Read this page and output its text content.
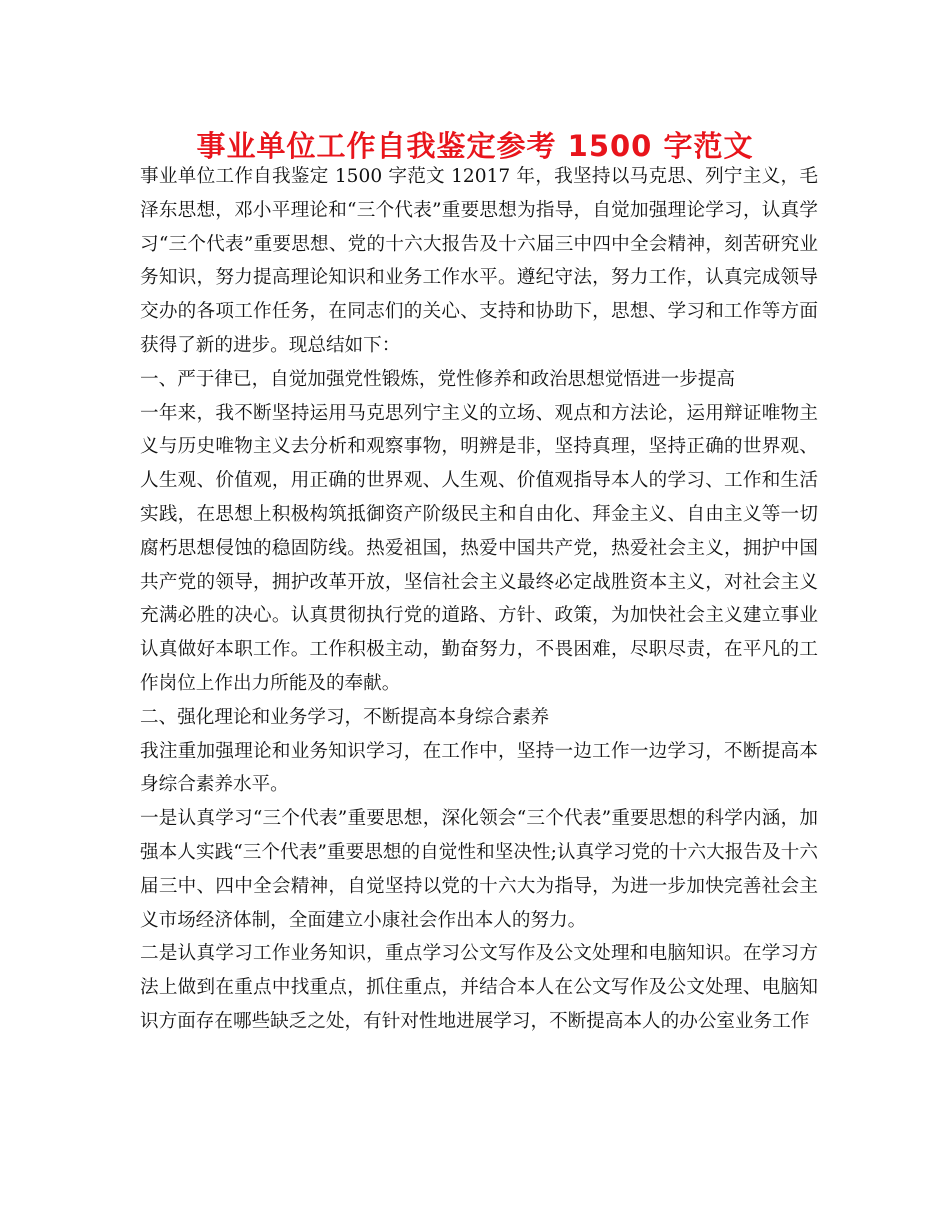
事业单位工作自我鉴定参考 1500 字范文

事业单位工作自我鉴定 1500 字范文 12017 年，我坚持以马克思、列宁主义，毛泽东思想，邓小平理论和“三个代表”重要思想为指导，自觉加强理论学习，认真学习“三个代表”重要思想、党的十六大报告及十六届三中四中全会精神，刻苦研究业务知识，努力提高理论知识和业务工作水平。遵纪守法，努力工作，认真完成领导交办的各项工作任务，在同志们的关心、支持和协助下，思想、学习和工作等方面获得了新的进步。现总结如下：

一、严于律已，自觉加强党性锻炼，党性修养和政治思想觉悟进一步提高

一年来，我不断坚持运用马克思列宁主义的立场、观点和方法论，运用辩证唯物主义与历史唯物主义去分析和观察事物，明辨是非，坚持真理，坚持正确的世界观、人生观、价值观，用正确的世界观、人生观、价值观指导本人的学习、工作和生活实践，在思想上积极构筑抵御资产阶级民主和自由化、拜金主义、自由主义等一切腐朽思想侵蚀的稳固防线。热爱祖国，热爱中国共产党，热爱社会主义，拥护中国共产党的领导，拥护改革开放，坚信社会主义最终必定战胜资本主义，对社会主义充满必胜的决心。认真贯彻执行党的道路、方针、政策，为加快社会主义建立事业认真做好本职工作。工作积极主动，勤奋努力，不畏困难，尽职尽责，在平凡的工作岗位上作出力所能及的奉献。

二、强化理论和业务学习，不断提高本身综合素养

我注重加强理论和业务知识学习，在工作中，坚持一边工作一边学习，不断提高本身综合素养水平。

一是认真学习“三个代表”重要思想，深化领会“三个代表”重要思想的科学内涵，加强本人实践“三个代表”重要思想的自觉性和坚决性;认真学习党的十六大报告及十六届三中、四中全会精神，自觉坚持以党的十六大为指导，为进一步加快完善社会主义市场经济体制，全面建立小康社会作出本人的努力。

二是认真学习工作业务知识，重点学习公文写作及公文处理和电脑知识。在学习方法上做到在重点中找重点，抓住重点，并结合本人在公文写作及公文处理、电脑知识方面存在哪些缺乏之处，有针对性地进展学习，不断提高本人的办公室业务工作
